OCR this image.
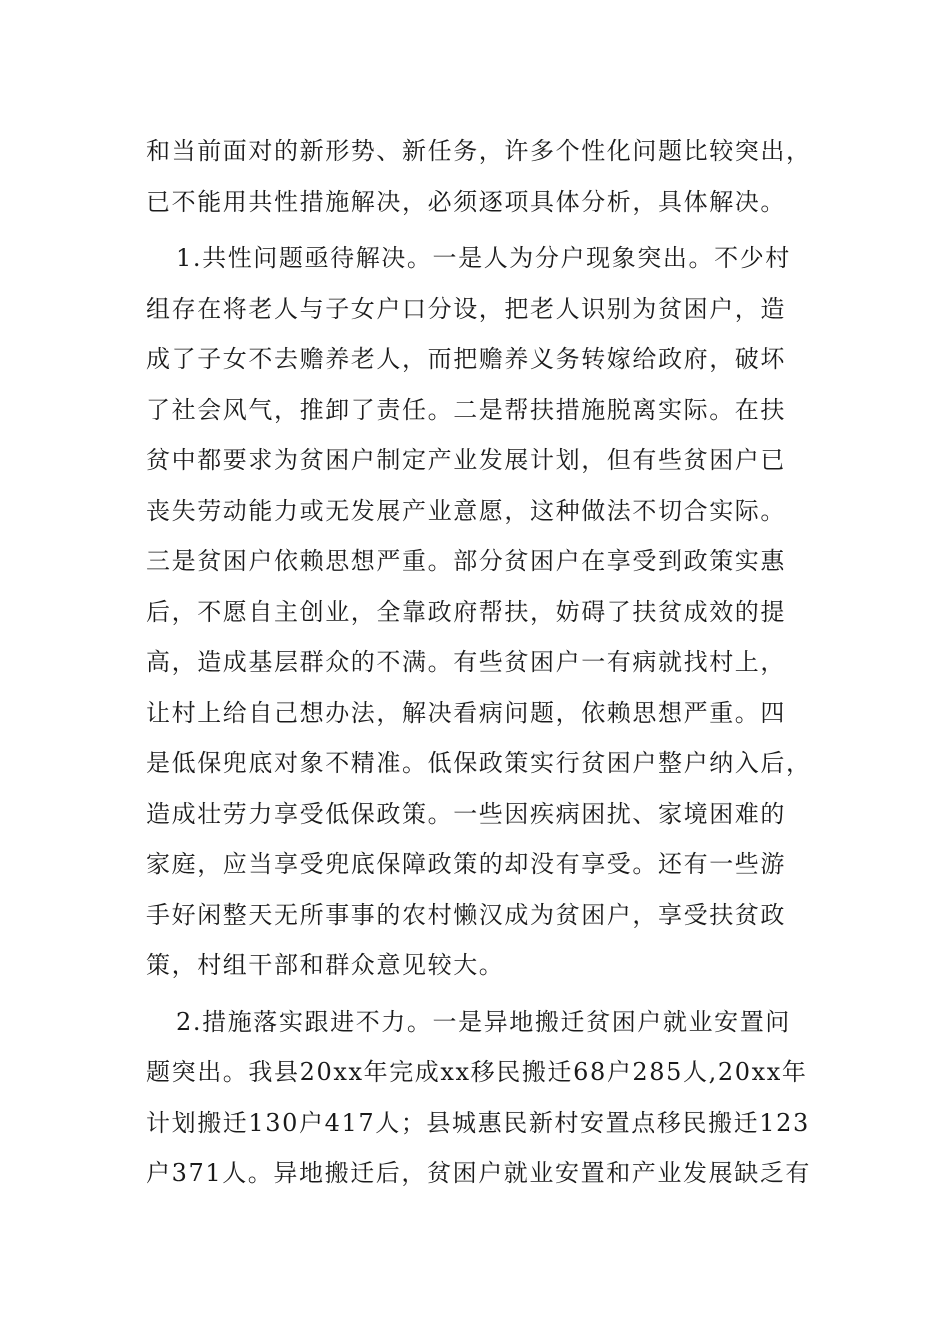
和当前面对的新形势、新任务，许多个性化问题比较突出，
已不能用共性措施解决，必须逐项具体分析，具体解决。
1.共性问题亟待解决。一是人为分户现象突出。不少村
组存在将老人与子女户口分设，把老人识别为贫困户，造
成了子女不去赡养老人，而把赡养义务转嫁给政府，破坏
了社会风气，推卸了责任。二是帮扶措施脱离实际。在扶
贫中都要求为贫困户制定产业发展计划，但有些贫困户已
丧失劳动能力或无发展产业意愿，这种做法不切合实际。
三是贫困户依赖思想严重。部分贫困户在享受到政策实惠
后，不愿自主创业，全靠政府帮扶，妨碍了扶贫成效的提
高，造成基层群众的不满。有些贫困户一有病就找村上，
让村上给自己想办法，解决看病问题，依赖思想严重。四
是低保兜底对象不精准。低保政策实行贫困户整户纳入后，
造成壮劳力享受低保政策。一些因疾病困扰、家境困难的
家庭，应当享受兜底保障政策的却没有享受。还有一些游
手好闲整天无所事事的农村懒汉成为贫困户，享受扶贫政
策，村组干部和群众意见较大。
2.措施落实跟进不力。一是异地搬迁贫困户就业安置问
题突出。我县20xx年完成xx移民搬迁68户285人,20xx年
计划搬迁130户417人；县城惠民新村安置点移民搬迁123
户371人。异地搬迁后，贫困户就业安置和产业发展缺乏有
